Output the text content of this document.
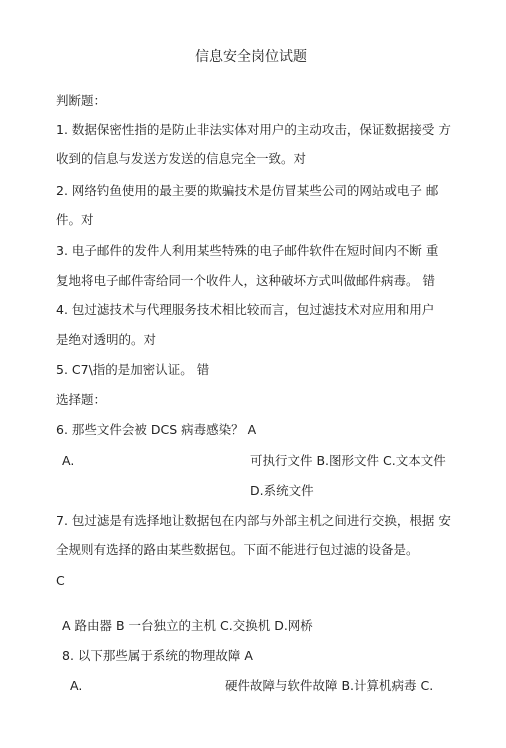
信息安全岗位试题
判断题：
1. 数据保密性指的是防止非法实体对用户的主动攻击，保证数据接受 方
收到的信息与发送方发送的信息完全一致。对
2. 网络钓鱼使用的最主要的欺骗技术是仿冒某些公司的网站或电子 邮
件。对
3. 电子邮件的发件人利用某些特殊的电子邮件软件在短时间内不断 重
复地将电子邮件寄给同一个收件人，这种破坏方式叫做邮件病毒。 错
4. 包过滤技术与代理服务技术相比较而言，包过滤技术对应用和用户
是绝对透明的。对
5. C7\指的是加密认证。 错
选择题：
6. 那些文件会被 DCS 病毒感染？ A
A.	可执行文件 B.图形文件 C.文本文件
D.系统文件
7. 包过滤是有选择地让数据包在内部与外部主机之间进行交换，根据 安
全规则有选择的路由某些数据包。下面不能进行包过滤的设备是。
C
A 路由器 B 一台独立的主机 C.交换机 D.网桥
8. 以下那些属于系统的物理故障 A
A.	硬件故障与软件故障 B.计算机病毒 C.
